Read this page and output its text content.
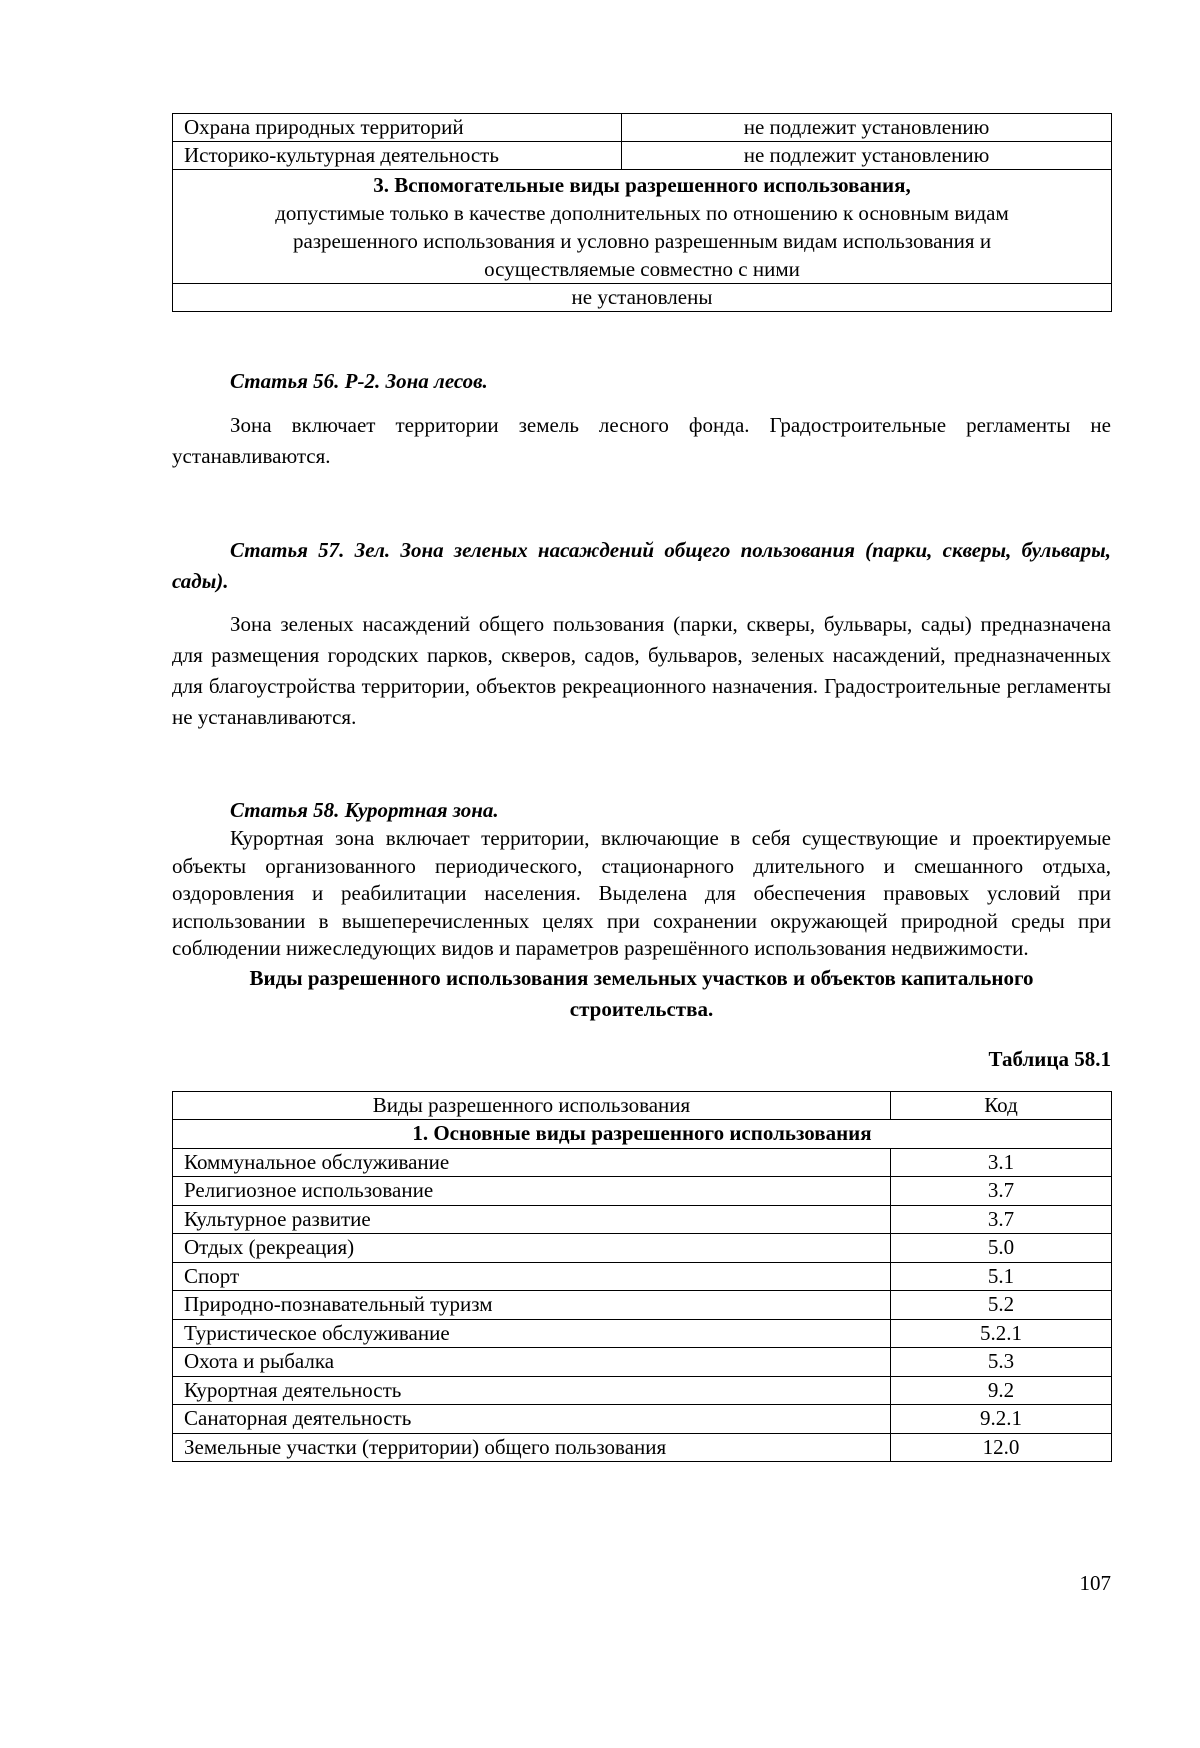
Охрана природных территорий	не подлежит установлению
Историко-культурная деятельность	не подлежит установлению

3. Вспомогательные виды разрешенного использования,
допустимые только в качестве дополнительных по отношению к основным видам разрешенного использования и условно разрешенным видам использования и осуществляемые совместно с ними	

не установлены	

Статья 56. Р-2. Зона лесов.

Зона включает территории земель лесного фонда. Градостроительные регламенты не устанавливаются.

Статья 57. Зел. Зона зеленых насаждений общего пользования (парки, скверы, бульвары, сады).

Зона зеленых насаждений общего пользования (парки, скверы, бульвары, сады) предназначена для размещения городских парков, скверов, садов, бульваров, зеленых насаждений, предназначенных для благоустройства территории, объектов рекреационного назначения. Градостроительные регламенты не устанавливаются.

Статья 58. Курортная зона.

Курортная зона включает территории, включающие в себя существующие и проектируемые объекты организованного периодического, стационарного длительного и смешанного отдыха, оздоровления и реабилитации населения. Выделена для обеспечения правовых условий при использовании в вышеперечисленных целях при сохранении окружающей природной среды при соблюдении нижеследующих видов и параметров разрешённого использования недвижимости.

Виды разрешенного использования земельных участков и объектов капитального строительства.

Таблица 58.1

Виды разрешенного использования	Код
1. Основные виды разрешенного использования	
Коммунальное обслуживание	3.1
Религиозное использование	3.7
Культурное развитие	3.7
Отдых (рекреация)	5.0
Спорт	5.1
Природно-познавательный туризм	5.2
Туристическое обслуживание	5.2.1
Охота и рыбалка	5.3
Курортная деятельность	9.2
Санаторная деятельность	9.2.1
Земельные участки (территории) общего пользования	12.0
107
